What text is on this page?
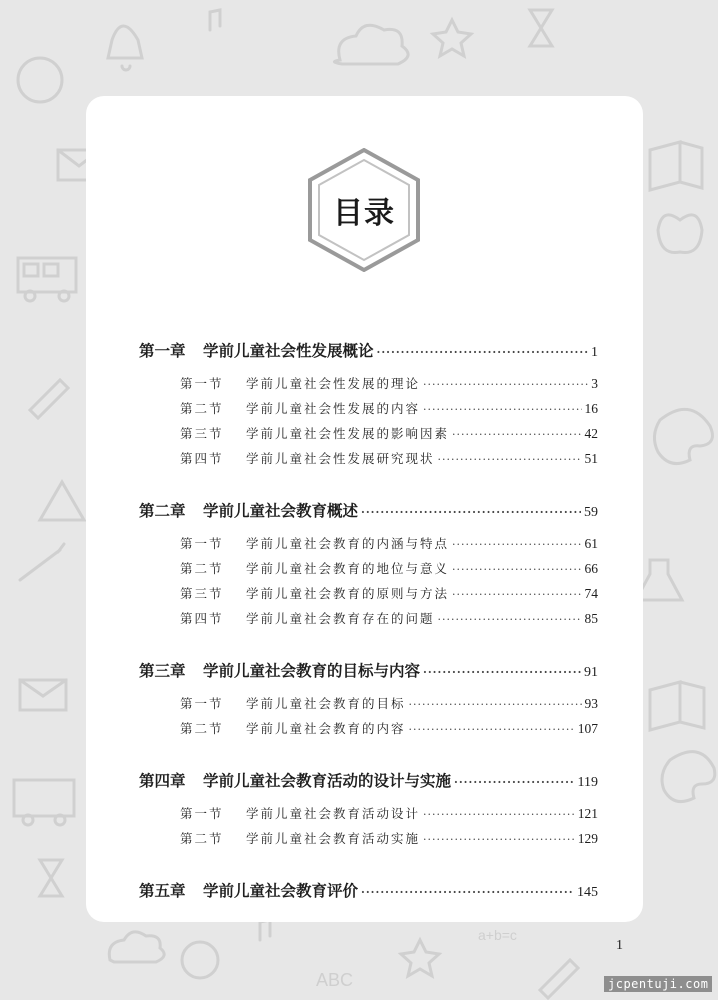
ABC
a+b=c
目录
第一章	学前儿童社会性发展概论 ·····	1
第一节	学前儿童社会性发展的理论 ·····	3
第二节	学前儿童社会性发展的内容 ·····	16
第三节	学前儿童社会性发展的影响因素 ·····	42
第四节	学前儿童社会性发展研究现状 ·····	51
第二章	学前儿童社会教育概述 ·····	59
第一节	学前儿童社会教育的内涵与特点 ·····	61
第二节	学前儿童社会教育的地位与意义 ·····	66
第三节	学前儿童社会教育的原则与方法 ·····	74
第四节	学前儿童社会教育存在的问题 ·····	85
第三章	学前儿童社会教育的目标与内容 ·····	91
第一节	学前儿童社会教育的目标 ·····	93
第二节	学前儿童社会教育的内容 ·····	107
第四章	学前儿童社会教育活动的设计与实施 ·····	119
第一节	学前儿童社会教育活动设计 ·····	121
第二节	学前儿童社会教育活动实施 ·····	129
第五章	学前儿童社会教育评价 ·····	145
1
jcpentuji.com
